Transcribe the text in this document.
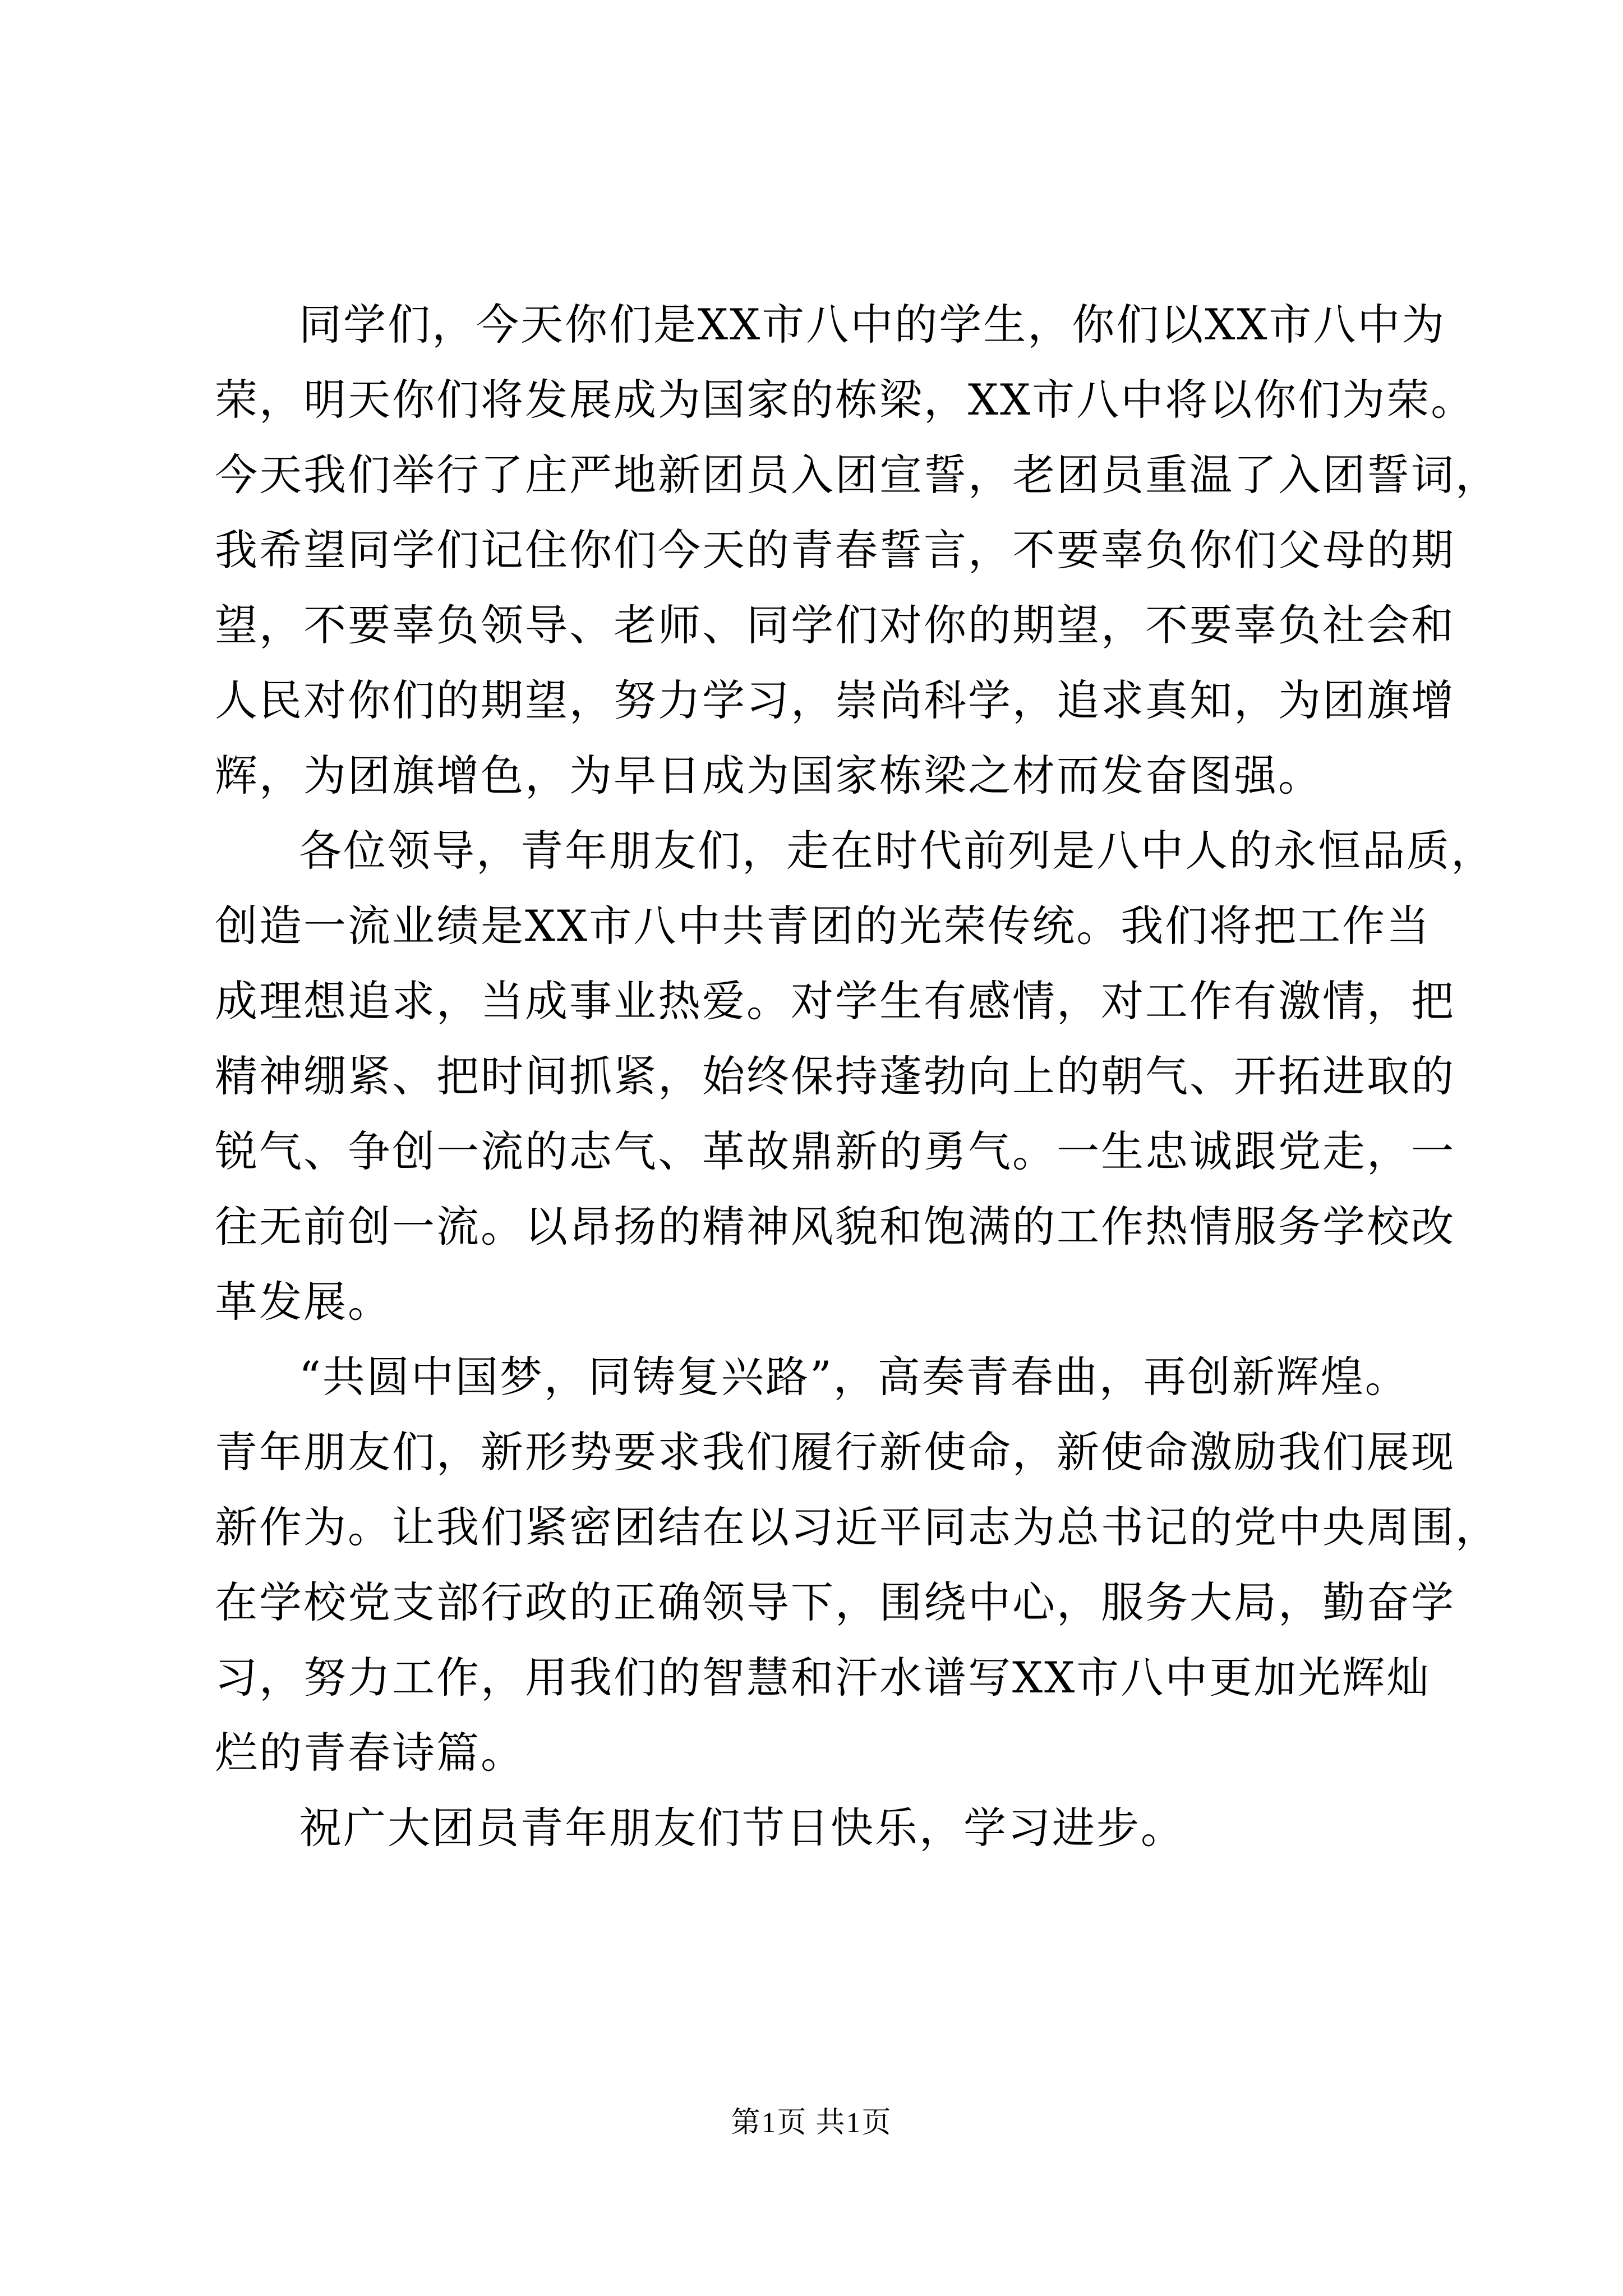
同学们，今天你们是XX市八中的学生，你们以XX市八中为
荣，明天你们将发展成为国家的栋梁，XX市八中将以你们为荣。
今天我们举行了庄严地新团员入团宣誓，老团员重温了入团誓词，
我希望同学们记住你们今天的青春誓言，不要辜负你们父母的期
望，不要辜负领导、老师、同学们对你的期望，不要辜负社会和
人民对你们的期望，努力学习，崇尚科学，追求真知，为团旗增
辉，为团旗增色，为早日成为国家栋梁之材而发奋图强。
各位领导，青年朋友们，走在时代前列是八中人的永恒品质，
创造一流业绩是XX市八中共青团的光荣传统。我们将把工作当
成理想追求，当成事业热爱。对学生有感情，对工作有激情，把
精神绷紧、把时间抓紧，始终保持蓬勃向上的朝气、开拓进取的
锐气、争创一流的志气、革故鼎新的勇气。一生忠诚跟党走，一
往无前创一流。以昂扬的精神风貌和饱满的工作热情服务学校改
革发展。
“共圆中国梦，同铸复兴路”，高奏青春曲，再创新辉煌。
青年朋友们，新形势要求我们履行新使命，新使命激励我们展现
新作为。让我们紧密团结在以习近平同志为总书记的党中央周围，
在学校党支部行政的正确领导下，围绕中心，服务大局，勤奋学
习，努力工作，用我们的智慧和汗水谱写XX市八中更加光辉灿
烂的青春诗篇。
祝广大团员青年朋友们节日快乐，学习进步。
第1页 共1页
